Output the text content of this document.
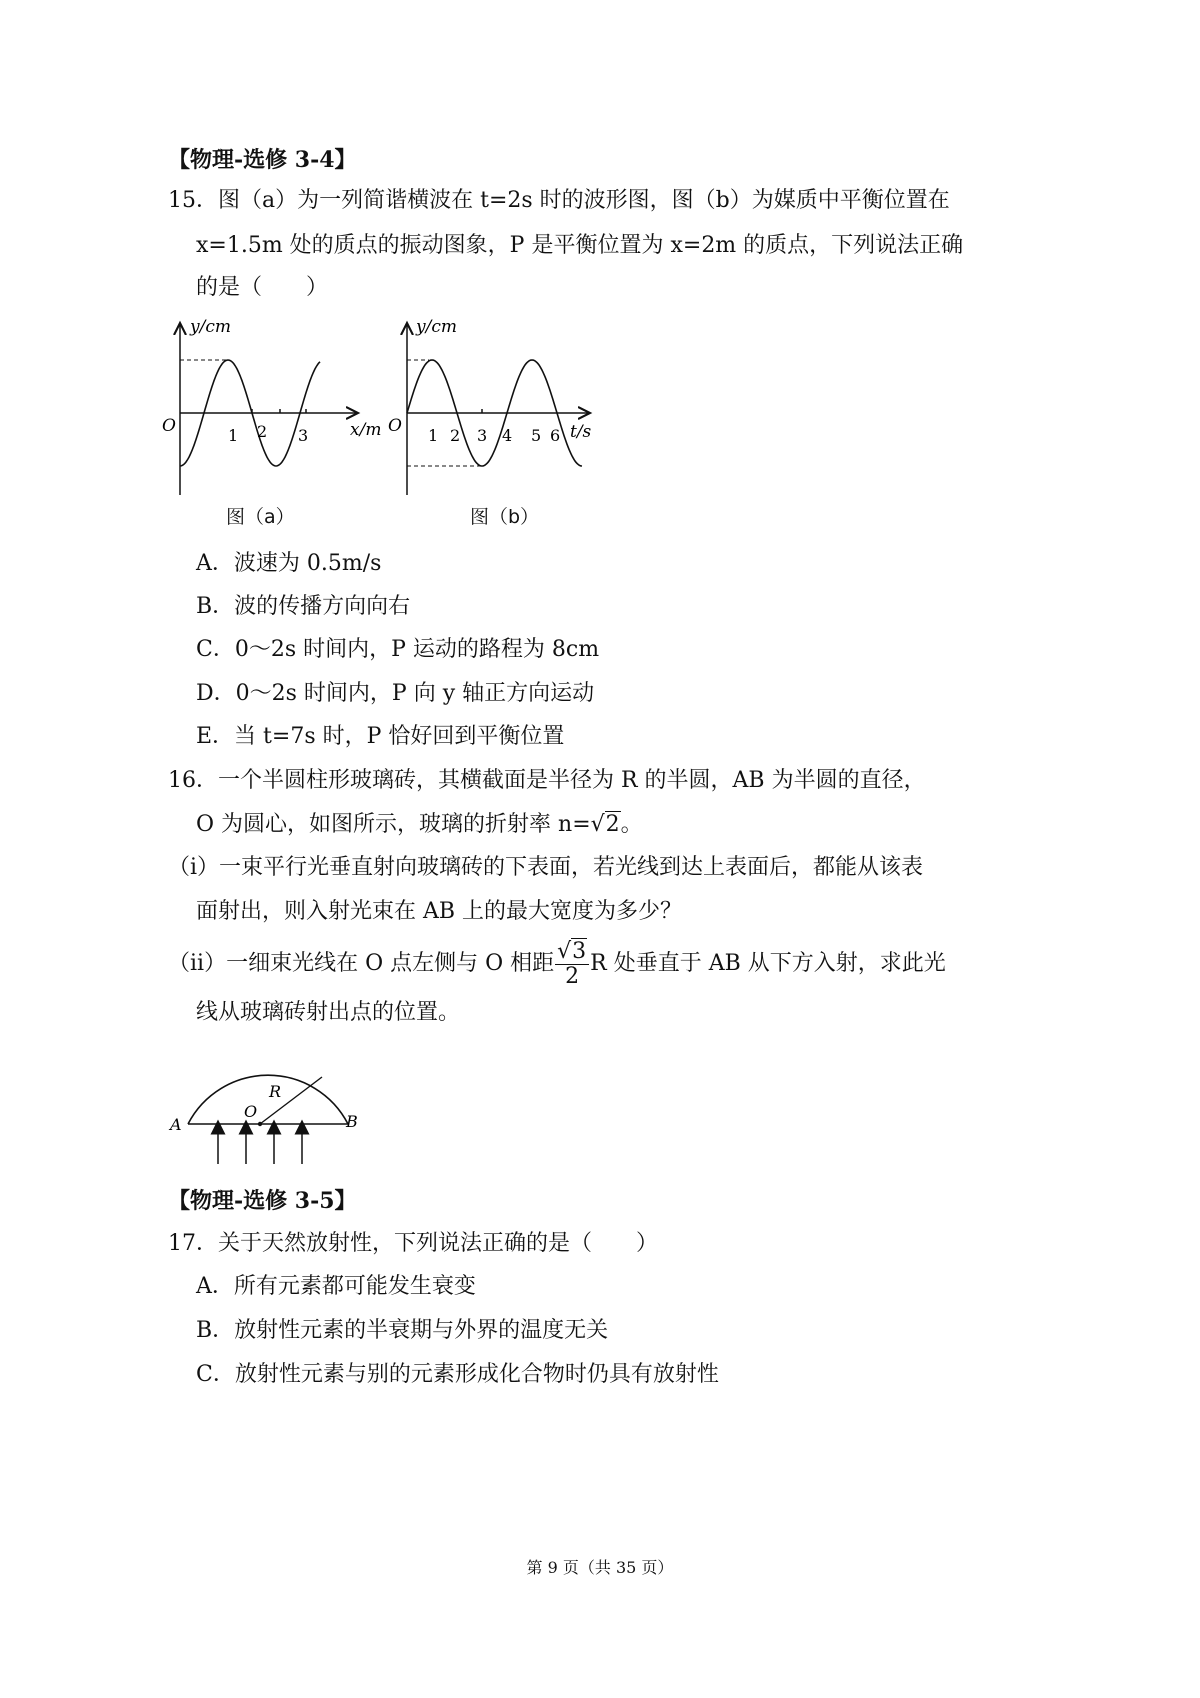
【物理-选修 3-4】
15．图（a）为一列简谐横波在 t=2s 时的波形图，图（b）为媒质中平衡位置在
x=1.5m 处的质点的振动图象，P 是平衡位置为 x=2m 的质点，下列说法正确
的是（　　）
y/cm
O	x/m
1 2 3
图（a）
y/cm
O	t/s
1 2 3 4 5 6
图（b）
A．波速为 0.5m/s
B．波的传播方向向右
C．0～2s 时间内，P 运动的路程为 8cm
D．0～2s 时间内，P 向 y 轴正方向运动
E．当 t=7s 时，P 恰好回到平衡位置
16．一个半圆柱形玻璃砖，其横截面是半径为 R 的半圆，AB 为半圆的直径，
O 为圆心，如图所示，玻璃的折射率 n=√2。
（i）一束平行光垂直射向玻璃砖的下表面，若光线到达上表面后，都能从该表
面射出，则入射光束在 AB 上的最大宽度为多少？
（ii）一细束光线在 O 点左侧与 O 相距 $\frac{√3}{2}$ R 处垂直于 AB 从下方入射，求此光
线从玻璃砖射出点的位置。
A	B
O
R
【物理-选修 3-5】
17．关于天然放射性，下列说法正确的是（　　）
A．所有元素都可能发生衰变
B．放射性元素的半衰期与外界的温度无关
C．放射性元素与别的元素形成化合物时仍具有放射性
第 9 页（共 35 页）
